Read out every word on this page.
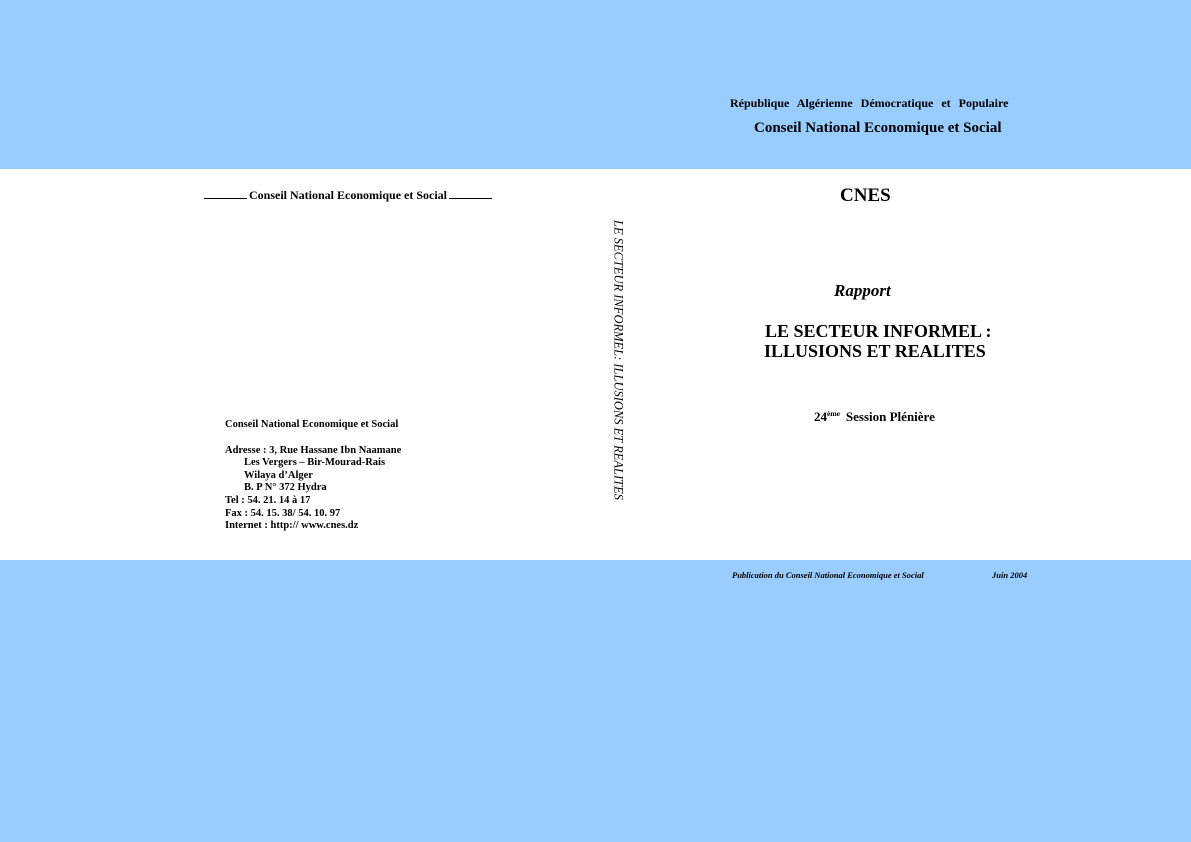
Conseil National Economique et Social
Conseil National Economique et Social
Adresse : 3, Rue Hassane Ibn Naamane
Les Vergers – Bir-Mourad-Rais
Wilaya d’Alger
B. P N° 372 Hydra
Tel : 54. 21. 14 à 17
Fax : 54. 15. 38/ 54. 10. 97
Internet : http:// www.cnes.dz
LE SECTEUR INFORMEL: ILLUSIONS ET REALITES
République Algérienne Démocratique et Populaire
Conseil National Economique et Social
CNES
Rapport
LE SECTEUR INFORMEL :
ILLUSIONS ET REALITES
24ème Session Plénière
Publication du Conseil National Economique et Social	Juin 2004
